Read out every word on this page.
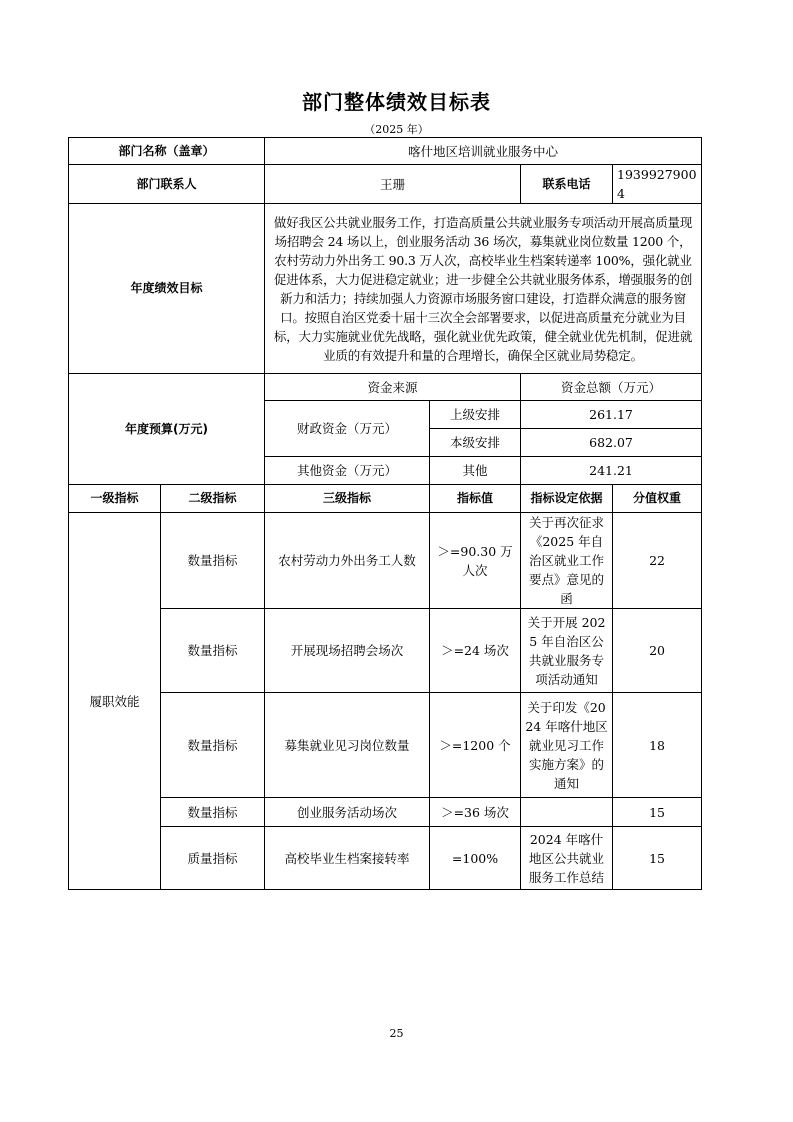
部门整体绩效目标表
（2025 年）
部门名称（盖章）		喀什地区培训就业服务中心			
部门联系人		王珊		联系电话	19399279004
年度绩效目标		做好我区公共就业服务工作，打造高质量公共就业服务专项活动开展高质量现场招聘会 24 场以上，创业服务活动 36 场次，募集就业岗位数量 1200 个，农村劳动力外出务工 90.3 万人次，高校毕业生档案转递率 100%，强化就业促进体系，大力促进稳定就业；进一步健全公共就业服务体系，增强服务的创新力和活力；持续加强人力资源市场服务窗口建设，打造群众满意的服务窗口。按照自治区党委十届十三次全会部署要求，以促进高质量充分就业为目标，大力实施就业优先战略，强化就业优先政策，健全就业优先机制，促进就业质的有效提升和量的合理增长，确保全区就业局势稳定。			
年度预算(万元)		资金来源		资金总额（万元）	
		财政资金（万元）	上级安排	261.17	
			本级安排	682.07	
		其他资金（万元）	其他	241.21	
一级指标	二级指标	三级指标	指标值	指标设定依据	分值权重
履职效能	数量指标	农村劳动力外出务工人数	＞=90.30 万人次	关于再次征求《2025 年自治区就业工作要点》意见的函	22
	数量指标	开展现场招聘会场次	＞=24 场次	关于开展 2025 年自治区公共就业服务专项活动通知	20
	数量指标	募集就业见习岗位数量	＞=1200 个	关于印发《2024 年喀什地区就业见习工作实施方案》的通知	18
	数量指标	创业服务活动场次	＞=36 场次		15
	质量指标	高校毕业生档案接转率	=100%	2024 年喀什地区公共就业服务工作总结	15
25
